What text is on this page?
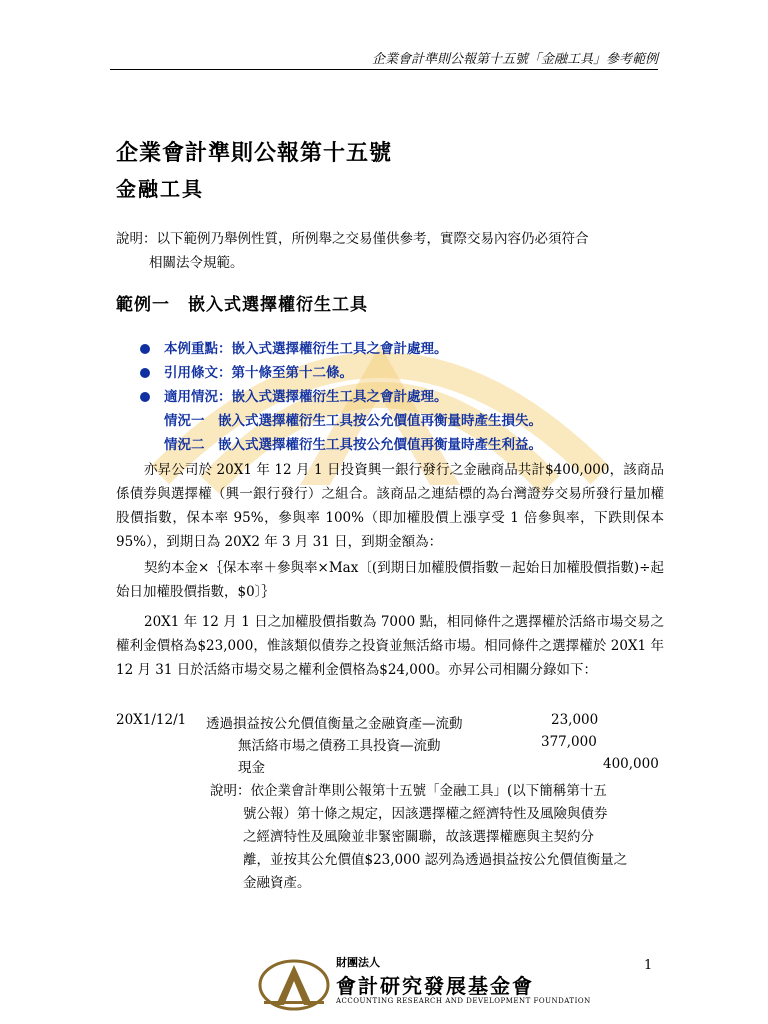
企業會計準則公報第十五號「金融工具」參考範例
企業會計準則公報第十五號
金融工具
說明：以下範例乃舉例性質，所例舉之交易僅供參考，實際交易內容仍必須符合
相關法令規範。
範例一　嵌入式選擇權衍生工具
本例重點：嵌入式選擇權衍生工具之會計處理。
引用條文：第十條至第十二條。
適用情況：嵌入式選擇權衍生工具之會計處理。
情況一　嵌入式選擇權衍生工具按公允價值再衡量時產生損失。
情況二　嵌入式選擇權衍生工具按公允價值再衡量時產生利益。
亦昇公司於 20X1 年 12 月 1 日投資興一銀行發行之金融商品共計$400,000，該商品係債券與選擇權（興一銀行發行）之組合。該商品之連結標的為台灣證券交易所發行量加權股價指數，保本率 95%，參與率 100%（即加權股價上漲享受 1 倍參與率，下跌則保本 95%），到期日為 20X2 年 3 月 31 日，到期金額為：
契約本金×｛保本率＋參與率×Max〔(到期日加權股價指數－起始日加權股價指數)÷起始日加權股價指數，$0〕｝
20X1 年 12 月 1 日之加權股價指數為 7000 點，相同條件之選擇權於活絡市場交易之權利金價格為$23,000，惟該類似債券之投資並無活絡市場。相同條件之選擇權於 20X1 年 12 月 31 日於活絡市場交易之權利金價格為$24,000。亦昇公司相關分錄如下：
20X1/12/1 透過損益按公允價值衡量之金融資產—流動	23,000
無活絡市場之債務工具投資—流動	377,000
現金	400,000
說明：依企業會計準則公報第十五號「金融工具」(以下簡稱第十五
號公報）第十條之規定，因該選擇權之經濟特性及風險與債券
之經濟特性及風險並非緊密關聯，故該選擇權應與主契約分
離，並按其公允價值$23,000 認列為透過損益按公允價值衡量之
金融資產。
1
財團法人
會計研究發展基金會
ACCOUNTING RESEARCH AND DEVELOPMENT FOUNDATION
